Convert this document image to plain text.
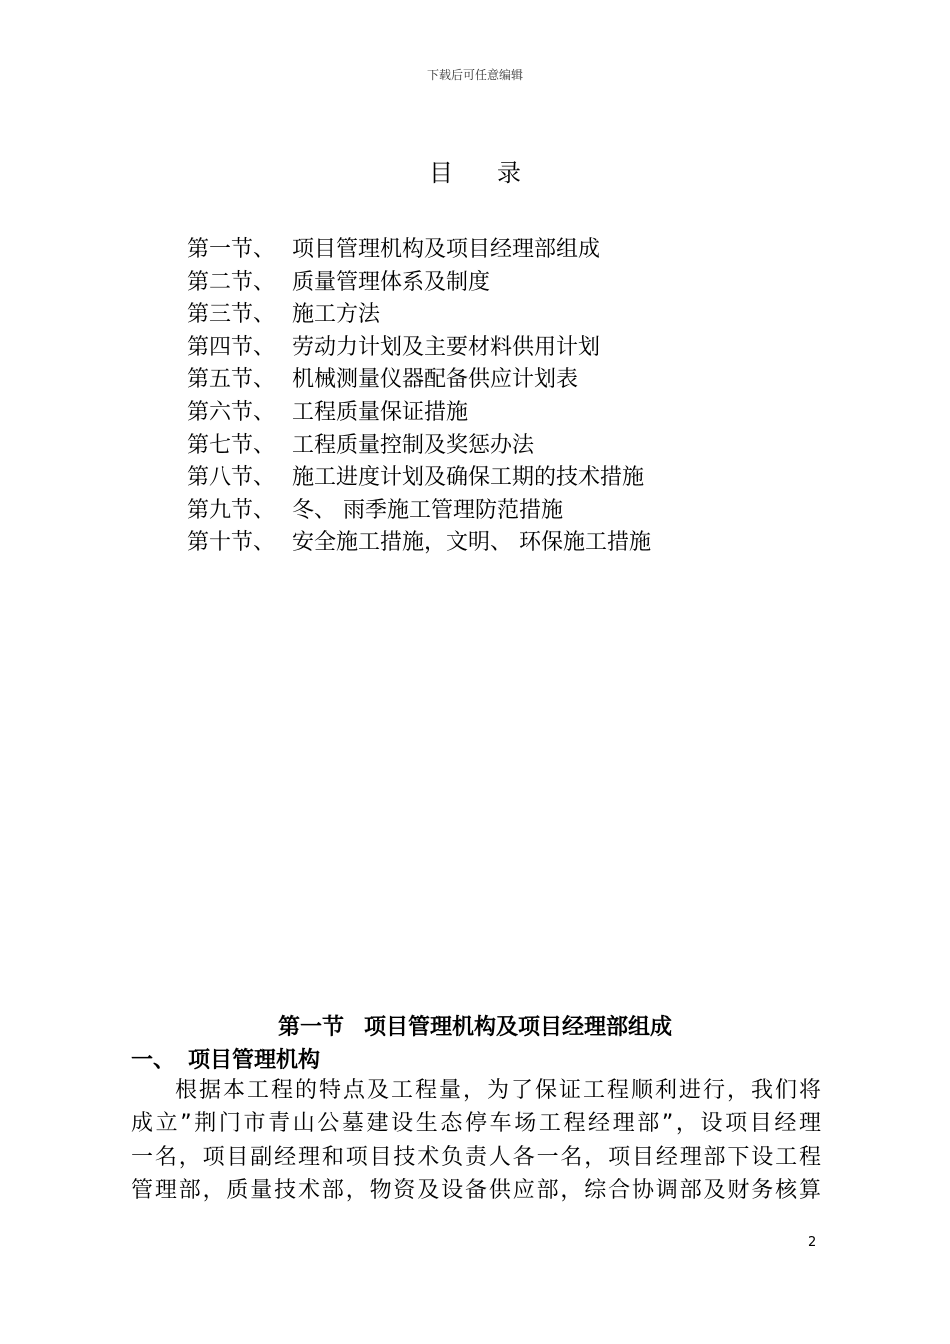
下载后可任意编辑
目录
第一节、 项目管理机构及项目经理部组成
第二节、 质量管理体系及制度
第三节、 施工方法
第四节、 劳动力计划及主要材料供用计划
第五节、 机械测量仪器配备供应计划表
第六节、 工程质量保证措施
第七节、 工程质量控制及奖惩办法
第八节、 施工进度计划及确保工期的技术措施
第九节、 冬、 雨季施工管理防范措施
第十节、 安全施工措施，文明、 环保施工措施
第一节 项目管理机构及项目经理部组成
一、 项目管理机构
根据本工程的特点及工程量，为了保证工程顺利进行，我们将
成立”荆门市青山公墓建设生态停车场工程经理部”，设项目经理
一名，项目副经理和项目技术负责人各一名，项目经理部下设工程
管理部，质量技术部，物资及设备供应部，综合协调部及财务核算
2
